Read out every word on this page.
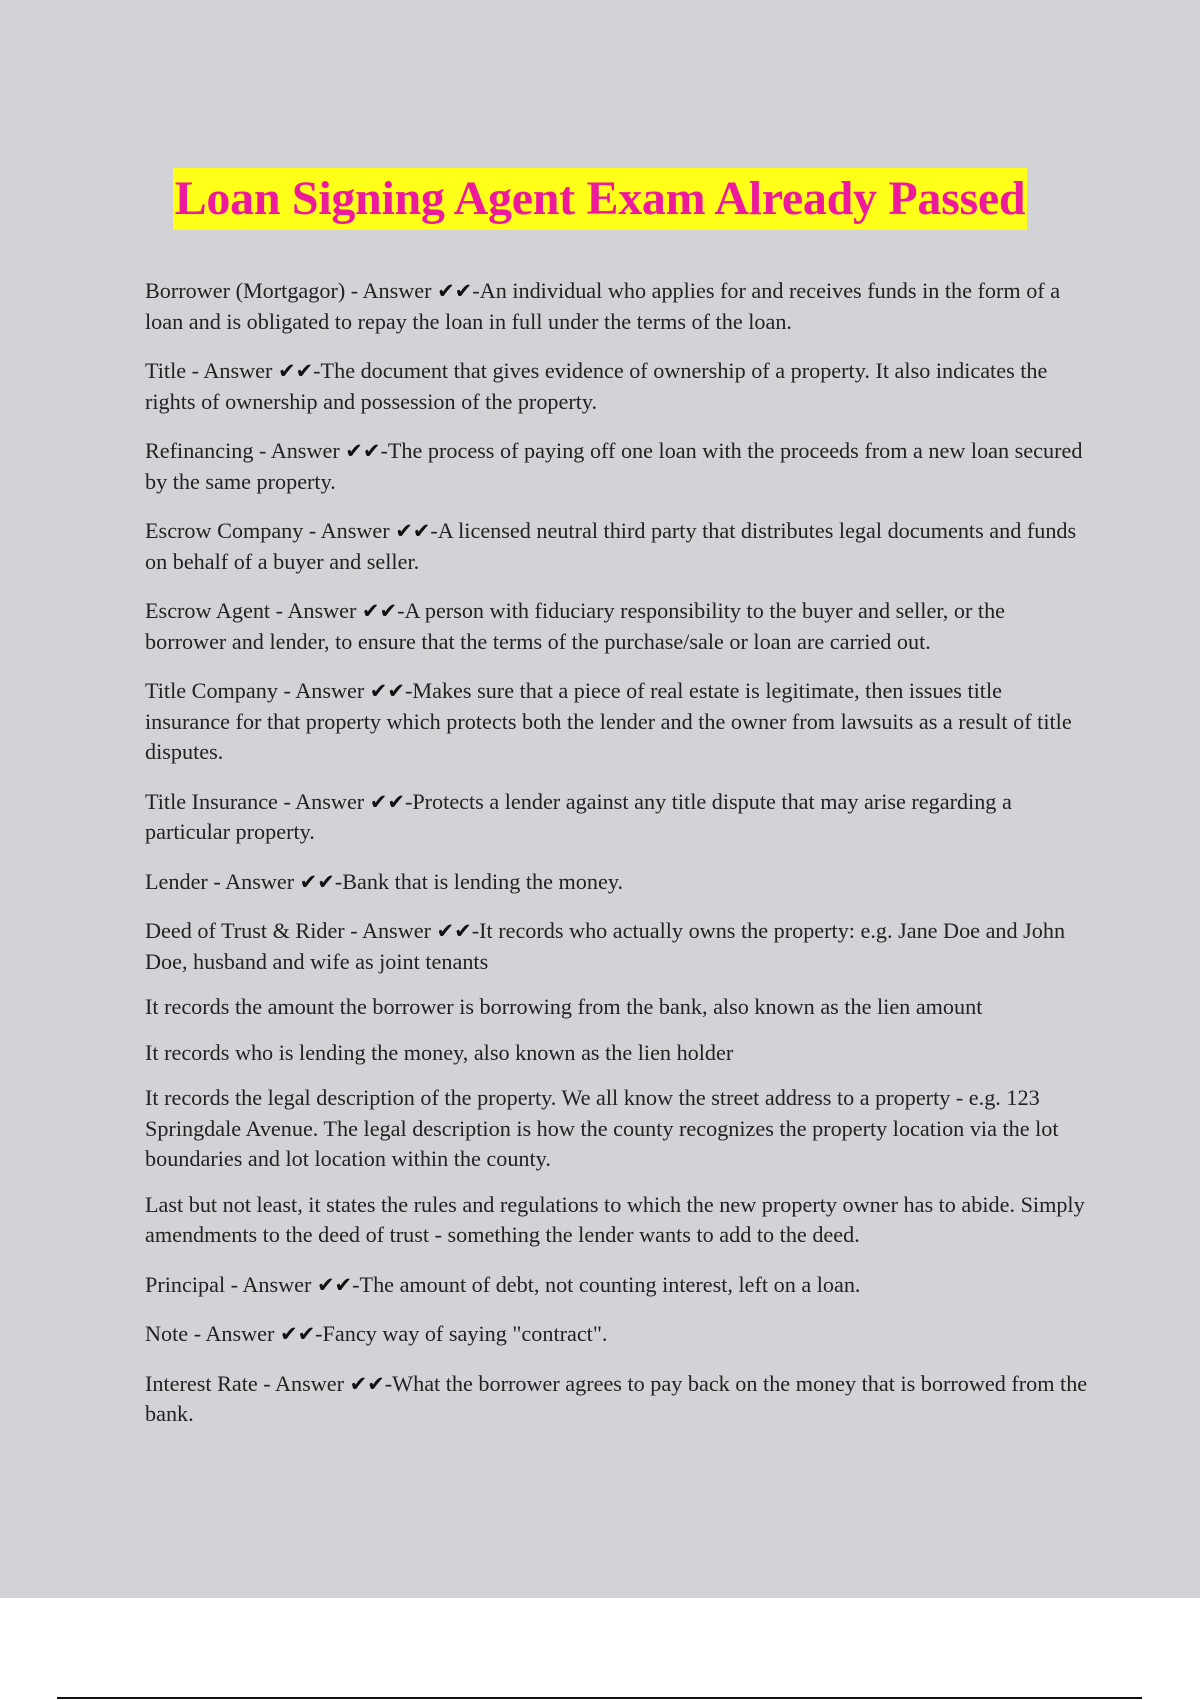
Loan Signing Agent Exam Already Passed

Borrower (Mortgagor) - Answer ✔✔-An individual who applies for and receives funds in the form of a loan and is obligated to repay the loan in full under the terms of the loan.

Title - Answer ✔✔-The document that gives evidence of ownership of a property. It also indicates the rights of ownership and possession of the property.

Refinancing - Answer ✔✔-The process of paying off one loan with the proceeds from a new loan secured by the same property.

Escrow Company - Answer ✔✔-A licensed neutral third party that distributes legal documents and funds on behalf of a buyer and seller.

Escrow Agent - Answer ✔✔-A person with fiduciary responsibility to the buyer and seller, or the borrower and lender, to ensure that the terms of the purchase/sale or loan are carried out.

Title Company - Answer ✔✔-Makes sure that a piece of real estate is legitimate, then issues title insurance for that property which protects both the lender and the owner from lawsuits as a result of title disputes.

Title Insurance - Answer ✔✔-Protects a lender against any title dispute that may arise regarding a particular property.

Lender - Answer ✔✔-Bank that is lending the money.

Deed of Trust & Rider - Answer ✔✔-It records who actually owns the property: e.g. Jane Doe and John Doe, husband and wife as joint tenants

It records the amount the borrower is borrowing from the bank, also known as the lien amount

It records who is lending the money, also known as the lien holder

It records the legal description of the property. We all know the street address to a property - e.g. 123 Springdale Avenue. The legal description is how the county recognizes the property location via the lot boundaries and lot location within the county.

Last but not least, it states the rules and regulations to which the new property owner has to abide. Simply amendments to the deed of trust - something the lender wants to add to the deed.

Principal - Answer ✔✔-The amount of debt, not counting interest, left on a loan.

Note - Answer ✔✔-Fancy way of saying "contract".

Interest Rate - Answer ✔✔-What the borrower agrees to pay back on the money that is borrowed from the bank.
